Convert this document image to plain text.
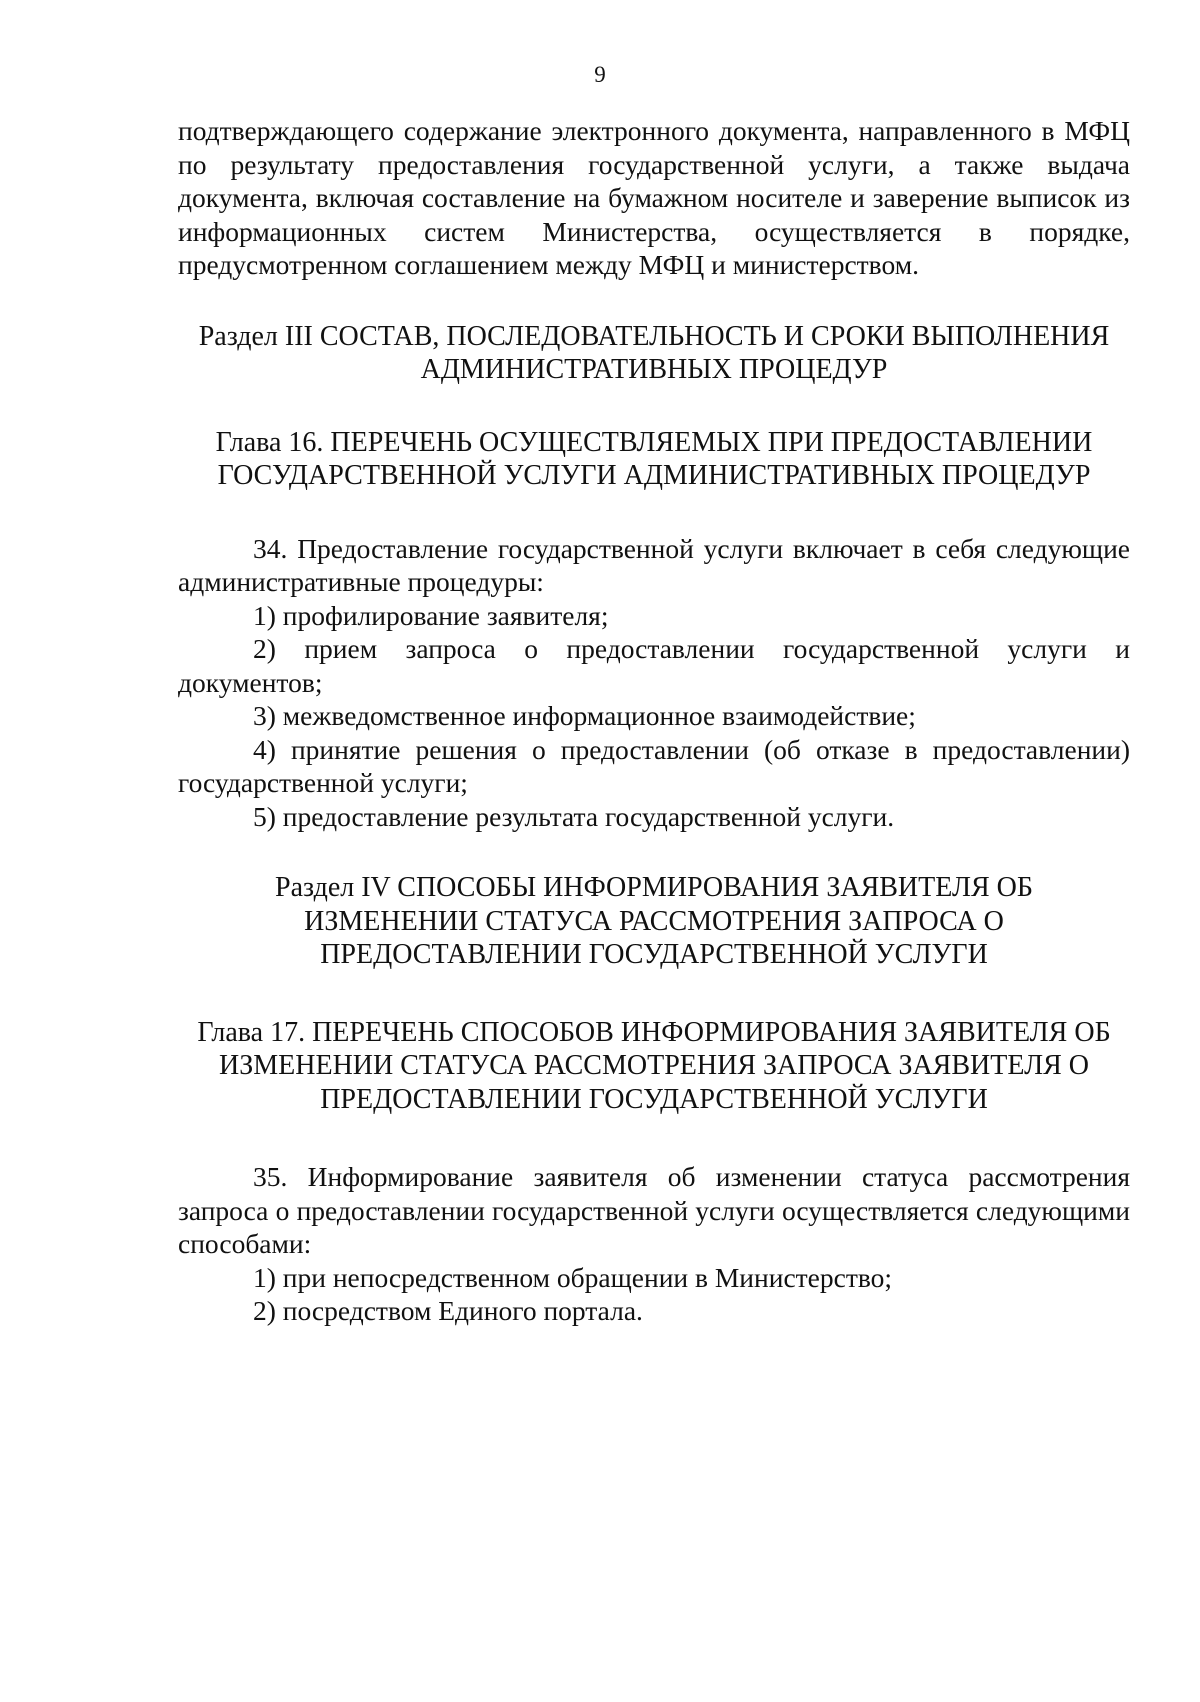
9

подтверждающего содержание электронного документа, направленного в МФЦ по результату предоставления государственной услуги, а также выдача документа, включая составление на бумажном носителе и заверение выписок из информационных систем Министерства, осуществляется в порядке, предусмотренном соглашением между МФЦ и министерством.

Раздел III СОСТАВ, ПОСЛЕДОВАТЕЛЬНОСТЬ И СРОКИ ВЫПОЛНЕНИЯ
АДМИНИСТРАТИВНЫХ ПРОЦЕДУР
Глава 16. ПЕРЕЧЕНЬ ОСУЩЕСТВЛЯЕМЫХ ПРИ ПРЕДОСТАВЛЕНИИ
ГОСУДАРСТВЕННОЙ УСЛУГИ АДМИНИСТРАТИВНЫХ ПРОЦЕДУР

34. Предоставление государственной услуги включает в себя следующие административные процедуры:

1) профилирование заявителя;

2) прием запроса о предоставлении государственной услуги и документов;

3) межведомственное информационное взаимодействие;

4) принятие решения о предоставлении (об отказе в предоставлении) государственной услуги;

5) предоставление результата государственной услуги.

Раздел IV СПОСОБЫ ИНФОРМИРОВАНИЯ ЗАЯВИТЕЛЯ ОБ
ИЗМЕНЕНИИ СТАТУСА РАССМОТРЕНИЯ ЗАПРОСА О
ПРЕДОСТАВЛЕНИИ ГОСУДАРСТВЕННОЙ УСЛУГИ
Глава 17. ПЕРЕЧЕНЬ СПОСОБОВ ИНФОРМИРОВАНИЯ ЗАЯВИТЕЛЯ ОБ
ИЗМЕНЕНИИ СТАТУСА РАССМОТРЕНИЯ ЗАПРОСА ЗАЯВИТЕЛЯ О
ПРЕДОСТАВЛЕНИИ ГОСУДАРСТВЕННОЙ УСЛУГИ

35. Информирование заявителя об изменении статуса рассмотрения запроса о предоставлении государственной услуги осуществляется следующими способами:

1) при непосредственном обращении в Министерство;

2) посредством Единого портала.
